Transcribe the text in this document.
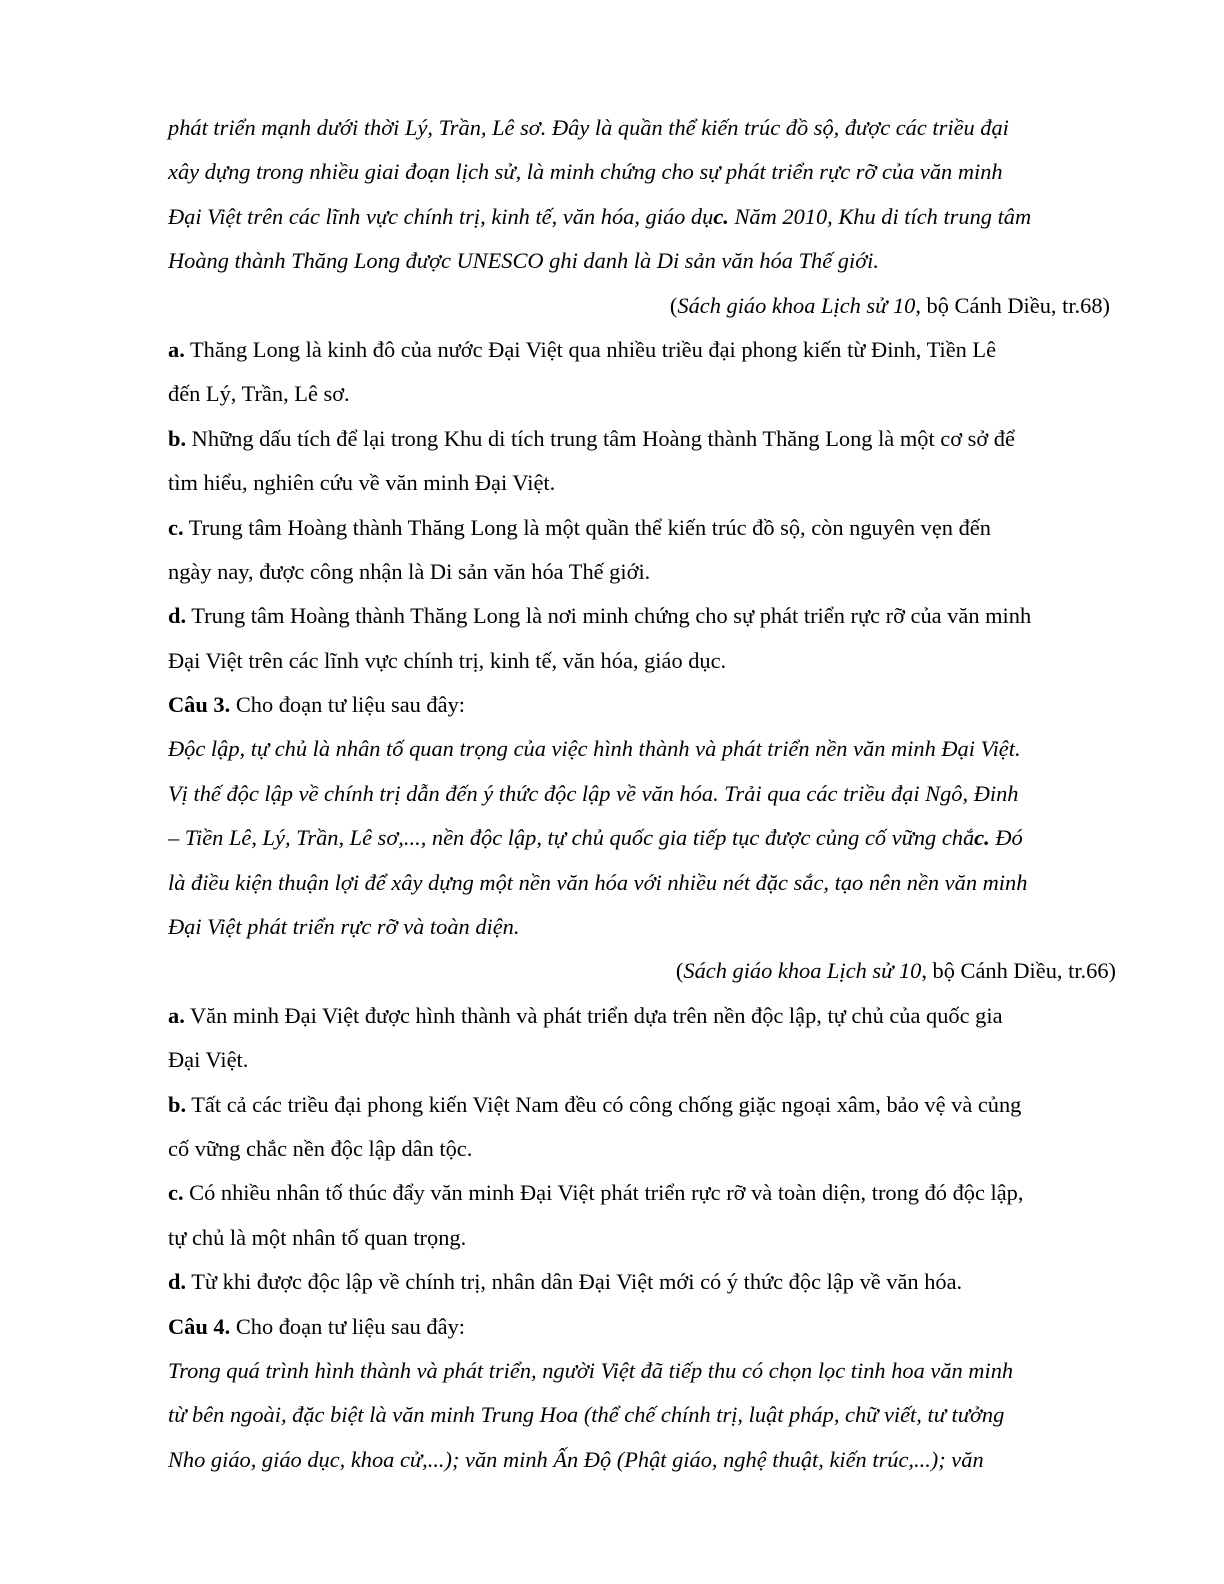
phát triển mạnh dưới thời Lý, Trần, Lê sơ. Đây là quần thể kiến trúc đồ sộ, được các triều đại
xây dựng trong nhiều giai đoạn lịch sử, là minh chứng cho sự phát triển rực rỡ của văn minh
Đại Việt trên các lĩnh vực chính trị, kinh tế, văn hóa, giáo dục. Năm 2010, Khu di tích trung tâm
Hoàng thành Thăng Long được UNESCO ghi danh là Di sản văn hóa Thế giới.
(Sách giáo khoa Lịch sử 10, bộ Cánh Diều, tr.68)
a. Thăng Long là kinh đô của nước Đại Việt qua nhiều triều đại phong kiến từ Đinh, Tiền Lê
đến Lý, Trần, Lê sơ.
b. Những dấu tích để lại trong Khu di tích trung tâm Hoàng thành Thăng Long là một cơ sở để
tìm hiểu, nghiên cứu về văn minh Đại Việt.
c. Trung tâm Hoàng thành Thăng Long là một quần thể kiến trúc đồ sộ, còn nguyên vẹn đến
ngày nay, được công nhận là Di sản văn hóa Thế giới.
d. Trung tâm Hoàng thành Thăng Long là nơi minh chứng cho sự phát triển rực rỡ của văn minh
Đại Việt trên các lĩnh vực chính trị, kinh tế, văn hóa, giáo dục.
Câu 3. Cho đoạn tư liệu sau đây:
Độc lập, tự chủ là nhân tố quan trọng của việc hình thành và phát triển nền văn minh Đại Việt.
Vị thế độc lập về chính trị dẫn đến ý thức độc lập về văn hóa. Trải qua các triều đại Ngô, Đinh
– Tiền Lê, Lý, Trần, Lê sơ,..., nền độc lập, tự chủ quốc gia tiếp tục được củng cố vững chắc. Đó
là điều kiện thuận lợi để xây dựng một nền văn hóa với nhiều nét đặc sắc, tạo nên nền văn minh
Đại Việt phát triển rực rỡ và toàn diện.
(Sách giáo khoa Lịch sử 10, bộ Cánh Diều, tr.66)
a. Văn minh Đại Việt được hình thành và phát triển dựa trên nền độc lập, tự chủ của quốc gia
Đại Việt.
b. Tất cả các triều đại phong kiến Việt Nam đều có công chống giặc ngoại xâm, bảo vệ và củng
cố vững chắc nền độc lập dân tộc.
c. Có nhiều nhân tố thúc đẩy văn minh Đại Việt phát triển rực rỡ và toàn diện, trong đó độc lập,
tự chủ là một nhân tố quan trọng.
d. Từ khi được độc lập về chính trị, nhân dân Đại Việt mới có ý thức độc lập về văn hóa.
Câu 4. Cho đoạn tư liệu sau đây:
Trong quá trình hình thành và phát triển, người Việt đã tiếp thu có chọn lọc tinh hoa văn minh
từ bên ngoài, đặc biệt là văn minh Trung Hoa (thể chế chính trị, luật pháp, chữ viết, tư tưởng
Nho giáo, giáo dục, khoa cử,...); văn minh Ấn Độ (Phật giáo, nghệ thuật, kiến trúc,...); văn
